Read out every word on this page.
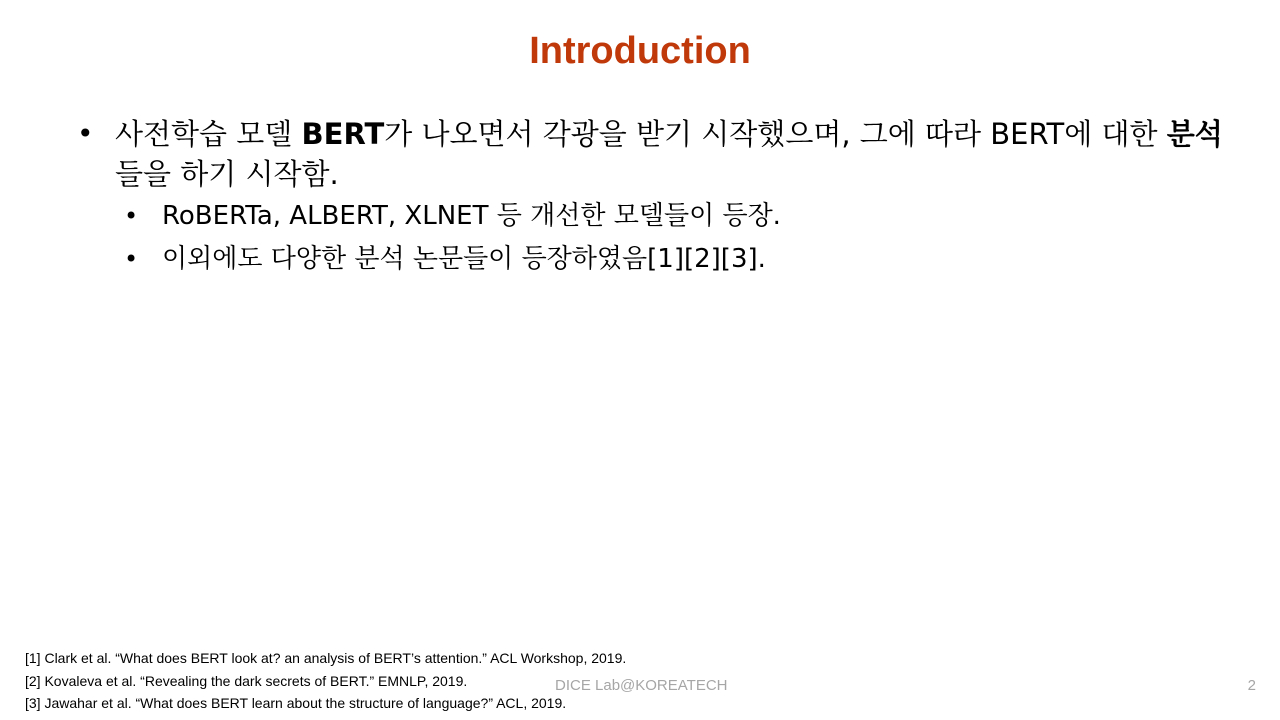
Introduction
• 사전학습 모델 BERT가 나오면서 각광을 받기 시작했으며, 그에 따라 BERT에 대한 분석들을 하기 시작함.
• RoBERTa, ALBERT, XLNET 등 개선한 모델들이 등장.
• 이외에도 다양한 분석 논문들이 등장하였음[1][2][3].
[1] Clark et al. “What does BERT look at? an analysis of BERT’s attention.” ACL Workshop, 2019.
[2] Kovaleva et al. “Revealing the dark secrets of BERT.” EMNLP, 2019.
[3] Jawahar et al. “What does BERT learn about the structure of language?” ACL, 2019.
DICE Lab@KOREATECH	2
